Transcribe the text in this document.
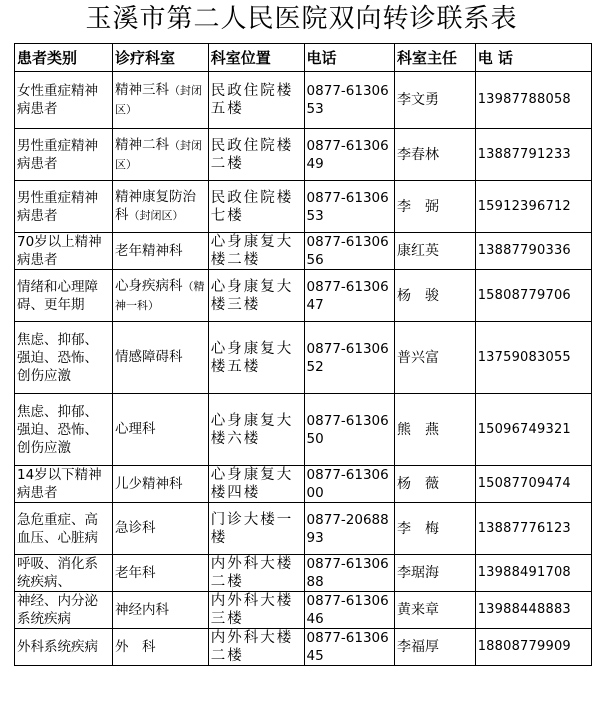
玉溪市第二人民医院双向转诊联系表
患者类别	诊疗科室	科室位置	电话	科室主任	电 话
女性重症精神病患者	精神三科（封闭区）	民政住院楼五楼	0877-6130653	李文勇	13987788058
男性重症精神病患者	精神二科（封闭区）	民政住院楼二楼	0877-6130649	李春林	13887791233
男性重症精神病患者	精神康复防治科（封闭区）	民政住院楼七楼	0877-6130653	李　弼	15912396712
70岁以上精神病患者	老年精神科	心身康复大楼二楼	0877-6130656	康红英	13887790336
情绪和心理障碍、更年期	心身疾病科（精神一科）	心身康复大楼三楼	0877-6130647	杨　骏	15808779706
焦虑、抑郁、强迫、恐怖、创伤应激	情感障碍科	心身康复大楼五楼	0877-6130652	普兴富	13759083055
焦虑、抑郁、强迫、恐怖、创伤应激	心理科	心身康复大楼六楼	0877-6130650	熊　燕	15096749321
14岁以下精神病患者	儿少精神科	心身康复大楼四楼	0877-6130600	杨　薇	15087709474
急危重症、高血压、心脏病	急诊科	门诊大楼一楼	0877-2068893	李　梅	13887776123
呼吸、消化系统疾病、	老年科	内外科大楼二楼	0877-6130688	李琚海	13988491708
神经、内分泌系统疾病	神经内科	内外科大楼三楼	0877-6130646	黄来章	13988448883
外科系统疾病	外　科	内外科大楼二楼	0877-6130645	李福厚	18808779909
